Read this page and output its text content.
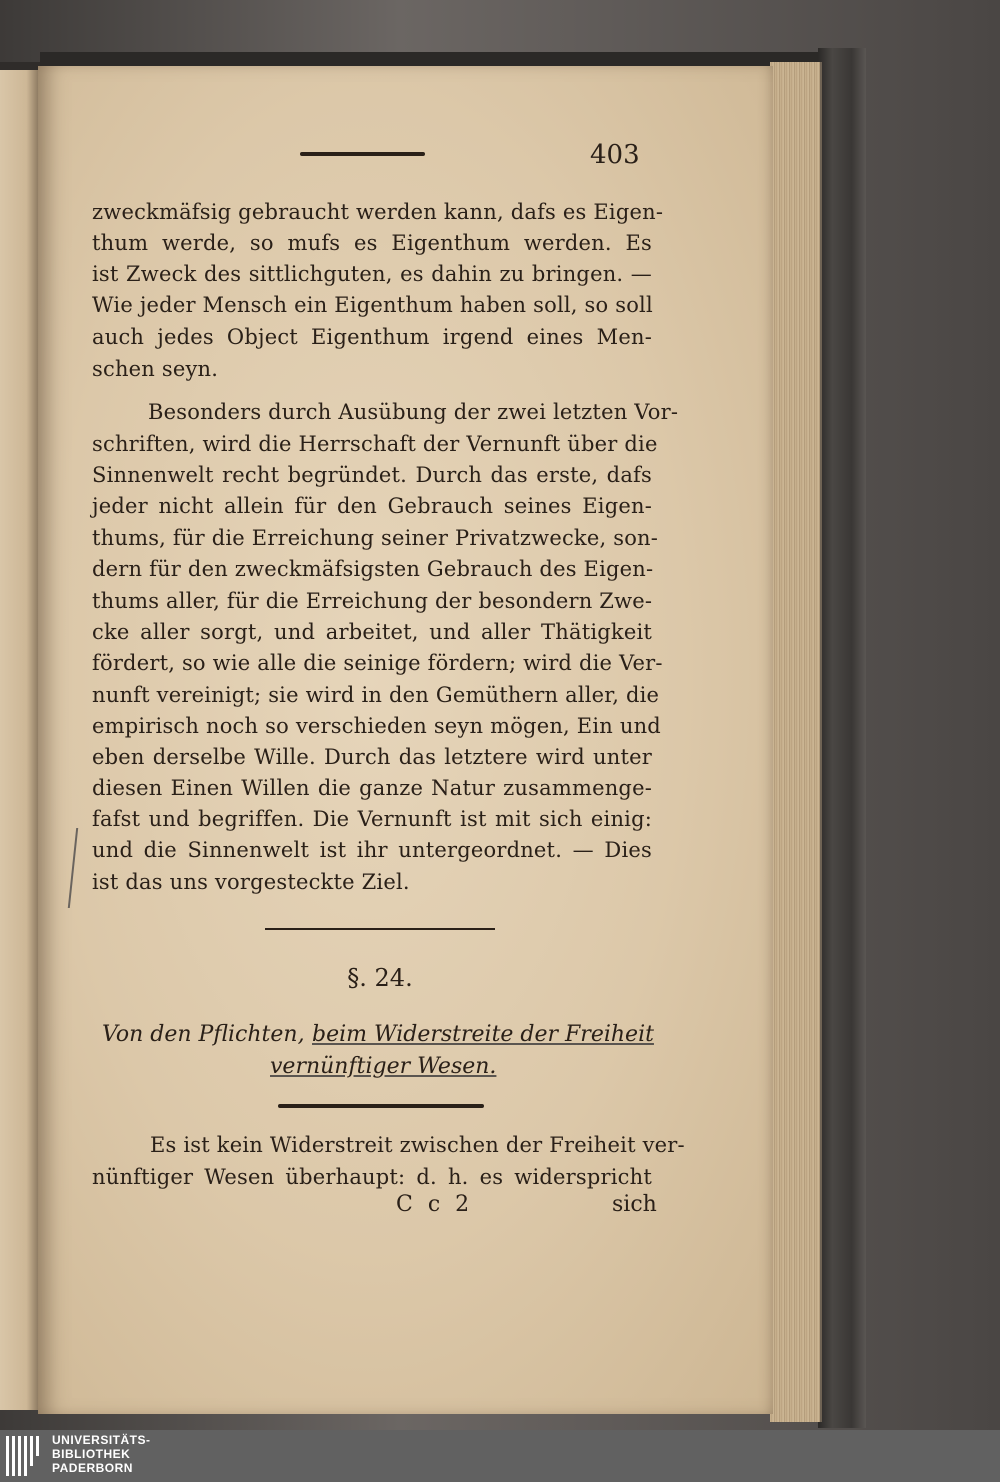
403
zweckmäfsig gebraucht werden kann, dafs es Eigen-
thum werde, so mufs es Eigenthum werden. Es
ist Zweck des sittlichguten, es dahin zu bringen. —
Wie jeder Mensch ein Eigenthum haben soll, so soll
auch jedes Object Eigenthum irgend eines Men-
schen seyn.
Besonders durch Ausübung der zwei letzten Vor-
schriften, wird die Herrschaft der Vernunft über die
Sinnenwelt recht begründet. Durch das erste, dafs
jeder nicht allein für den Gebrauch seines Eigen-
thums, für die Erreichung seiner Privatzwecke, son-
dern für den zweckmäfsigsten Gebrauch des Eigen-
thums aller, für die Erreichung der besondern Zwe-
cke aller sorgt, und arbeitet, und aller Thätigkeit
fördert, so wie alle die seinige fördern; wird die Ver-
nunft vereinigt; sie wird in den Gemüthern aller, die
empirisch noch so verschieden seyn mögen, Ein und
eben derselbe Wille. Durch das letztere wird unter
diesen Einen Willen die ganze Natur zusammenge-
fafst und begriffen. Die Vernunft ist mit sich einig:
und die Sinnenwelt ist ihr untergeordnet. — Dies
ist das uns vorgesteckte Ziel.
§. 24.
Von den Pflichten, beim Widerstreite der Freiheit
vernünftiger Wesen.
Es ist kein Widerstreit zwischen der Freiheit ver-
nünftiger Wesen überhaupt: d. h. es widerspricht
C c 2	sich
UNIVERSITÄTS-
BIBLIOTHEK
PADERBORN
